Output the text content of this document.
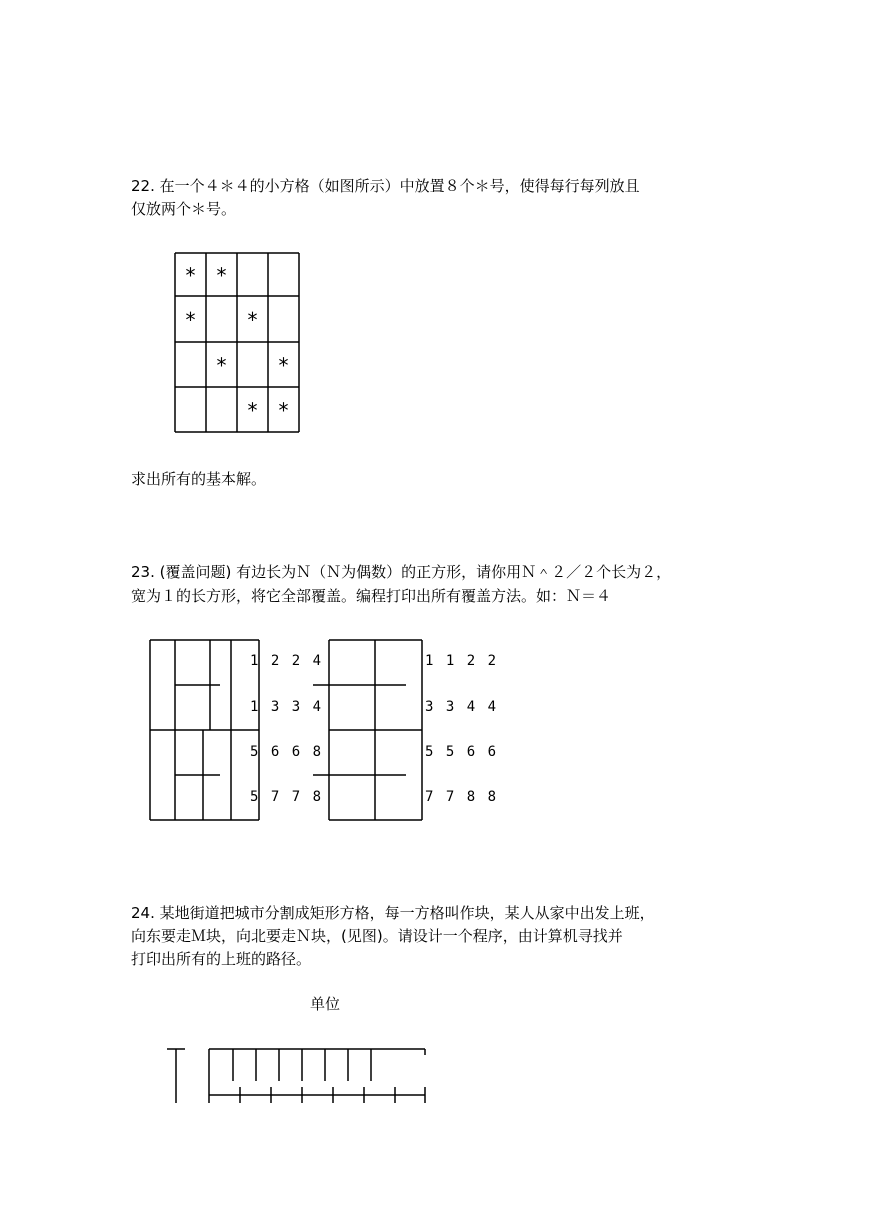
22. 在一个４＊４的小方格（如图所示）中放置８个＊号，使得每行每列放且
仅放两个＊号。
* *
*	*
*	*
* *
求出所有的基本解。
23. (覆盖问题) 有边长为Ｎ（Ｎ为偶数）的正方形，请你用Ｎ＾２／２个长为２，
宽为１的长方形，将它全部覆盖。编程打印出所有覆盖方法。如：Ｎ＝４
1 2 2 4
1 3 3 4
5 6 6 8
5 7 7 8
1 1 2 2
3 3 4 4
5 5 6 6
7 7 8 8
24. 某地街道把城市分割成矩形方格，每一方格叫作块，某人从家中出发上班，
向东要走Ｍ块，向北要走Ｎ块，(见图)。请设计一个程序，由计算机寻找并
打印出所有的上班的路径。
单位
